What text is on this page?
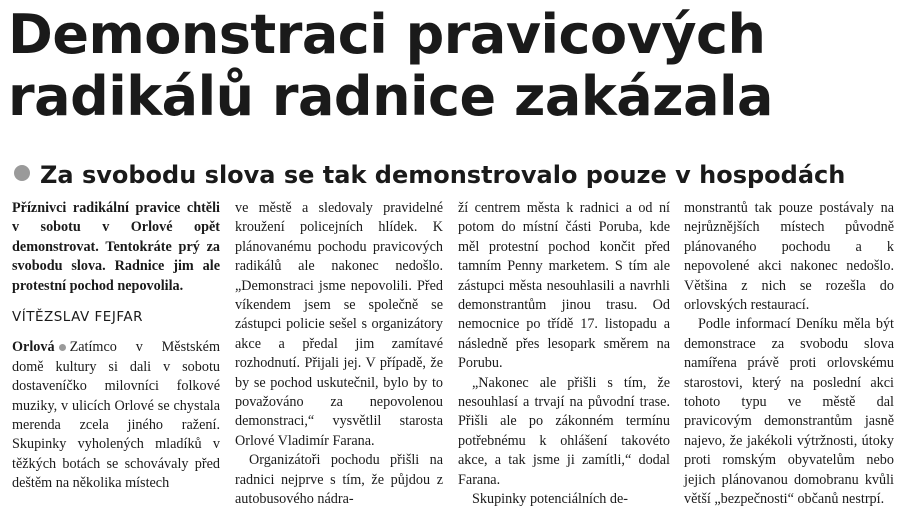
Demonstraci pravicových radikálů radnice zakázala
Za svobodu slova se tak demonstrovalo pouze v hospodách
Příznivci radikální pravice chtěli v sobotu v Orlové opět demonstrovat. Tentokráte prý za svobodu slova. Radnice jim ale protestní pochod nepovolila.
VÍTĚZSLAV FEJFAR

Orlová Zatímco v Městském domě kultury si dali v sobotu dostaveníčko milovníci folkové muziky, v ulicích Orlové se chystala merenda zcela jiného ražení. Skupinky vyholených mladíků v těžkých botách se schovávaly před deštěm na několika místech

ve městě a sledovaly pravidelné kroužení policejních hlídek. K plánovanému pochodu pravicových radikálů ale nakonec nedošlo. „Demonstraci jsme nepovolili. Před víkendem jsem se společně se zástupci policie sešel s organizátory akce a předal jim zamítavé rozhodnutí. Přijali jej. V případě, že by se pochod uskutečnil, bylo by to považováno za nepovolenou demonstraci,“ vysvětlil starosta Orlové Vladimír Farana.

Organizátoři pochodu přišli na radnici nejprve s tím, že půjdou z autobusového nádra-

ží centrem města k radnici a od ní potom do místní části Poruba, kde měl protestní pochod končit před tamním Penny marketem. S tím ale zástupci města nesouhlasili a navrhli demonstrantům jinou trasu. Od nemocnice po třídě 17. listopadu a následně přes lesopark směrem na Porubu.

„Nakonec ale přišli s tím, že nesouhlasí a trvají na původní trase. Přišli ale po zákonném termínu potřebnému k ohlášení takovéto akce, a tak jsme ji zamítli,“ dodal Farana.

Skupinky potenciálních de-

monstrantů tak pouze postávaly na nejrůznějších místech původně plánovaného pochodu a k nepovolené akci nakonec nedošlo. Většina z nich se rozešla do orlovských restaurací.

Podle informací Deníku měla být demonstrace za svobodu slova namířena právě proti orlovskému starostovi, který na poslední akci tohoto typu ve městě dal pravicovým demonstrantům jasně najevo, že jakékoli výtržnosti, útoky proti romským obyvatelům nebo jejich plánovanou domobranu kvůli větší „bezpečnosti“ občanů nestrpí.
